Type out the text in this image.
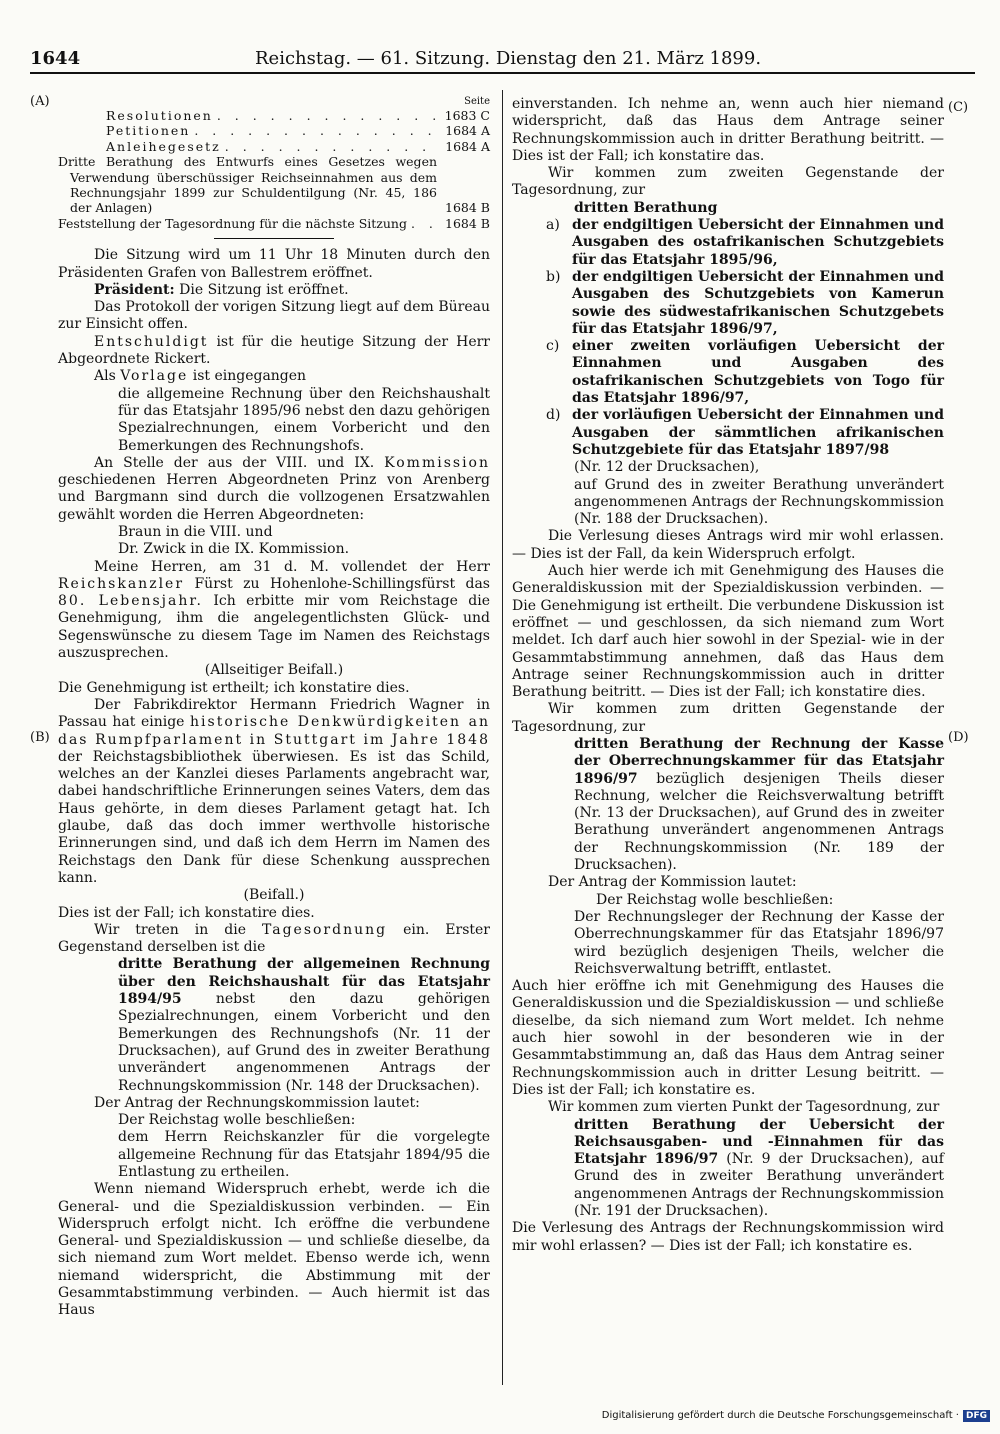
1644	Reichstag. — 61. Sitzung. Dienstag den 21. März 1899.
(A)
(B)
(C)
(D)
Seite
Resolutionen . . .	1683 C
Petitionen . . .	1684 A
Anleihegesetz . . .	1684 A
Dritte Berathung des Entwurfs eines Gesetzes wegen Verwendung überschüssiger Reichseinnahmen aus dem Rechnungsjahr 1899 zur Schuldentilgung (Nr. 45, 186 der Anlagen)	1684 B
Feststellung der Tagesordnung für die nächste Sitzung . . .	1684 B

Die Sitzung wird um 11 Uhr 18 Minuten durch den Präsidenten Grafen von Ballestrem eröffnet.

Präsident: Die Sitzung ist eröffnet.

Das Protokoll der vorigen Sitzung liegt auf dem Büreau zur Einsicht offen.

Entschuldigt ist für die heutige Sitzung der Herr Abgeordnete Rickert.

Als Vorlage ist eingegangen

die allgemeine Rechnung über den Reichshaushalt für das Etatsjahr 1895/96 nebst den dazu gehörigen Spezialrechnungen, einem Vorbericht und den Bemerkungen des Rechnungshofs.

An Stelle der aus der VIII. und IX. Kommission geschiedenen Herren Abgeordneten Prinz von Arenberg und Bargmann sind durch die vollzogenen Ersatzwahlen gewählt worden die Herren Abgeordneten:

Braun in die VIII. und

Dr. Zwick in die IX. Kommission.

Meine Herren, am 31 d. M. vollendet der Herr Reichskanzler Fürst zu Hohenlohe-Schillingsfürst das 80. Lebensjahr. Ich erbitte mir vom Reichstage die Genehmigung, ihm die angelegentlichsten Glück- und Segenswünsche zu diesem Tage im Namen des Reichstags auszusprechen.

(Allseitiger Beifall.)

Die Genehmigung ist ertheilt; ich konstatire dies.

Der Fabrikdirektor Hermann Friedrich Wagner in Passau hat einige historische Denkwürdigkeiten an das Rumpfparlament in Stuttgart im Jahre 1848 der Reichstagsbibliothek überwiesen. Es ist das Schild, welches an der Kanzlei dieses Parlaments angebracht war, dabei handschriftliche Erinnerungen seines Vaters, dem das Haus gehörte, in dem dieses Parlament getagt hat. Ich glaube, daß das doch immer werthvolle historische Erinnerungen sind, und daß ich dem Herrn im Namen des Reichstags den Dank für diese Schenkung aussprechen kann.

(Beifall.)

Dies ist der Fall; ich konstatire dies.

Wir treten in die Tagesordnung ein. Erster Gegenstand derselben ist die

dritte Berathung der allgemeinen Rechnung über den Reichshaushalt für das Etatsjahr 1894/95 nebst den dazu gehörigen Spezialrechnungen, einem Vorbericht und den Bemerkungen des Rechnungshofs (Nr. 11 der Drucksachen), auf Grund des in zweiter Berathung unverändert angenommenen Antrags der Rechnungskommission (Nr. 148 der Drucksachen).

Der Antrag der Rechnungskommission lautet:

Der Reichstag wolle beschließen:

dem Herrn Reichskanzler für die vorgelegte allgemeine Rechnung für das Etatsjahr 1894/95 die Entlastung zu ertheilen.

Wenn niemand Widerspruch erhebt, werde ich die General- und die Spezialdiskussion verbinden. — Ein Widerspruch erfolgt nicht. Ich eröffne die verbundene General- und Spezialdiskussion — und schließe dieselbe, da sich niemand zum Wort meldet. Ebenso werde ich, wenn niemand widerspricht, die Abstimmung mit der Gesammtabstimmung verbinden. — Auch hiermit ist das Haus

einverstanden. Ich nehme an, wenn auch hier niemand widerspricht, daß das Haus dem Antrage seiner Rechnungskommission auch in dritter Berathung beitritt. — Dies ist der Fall; ich konstatire das.

Wir kommen zum zweiten Gegenstande der Tagesordnung, zur

dritten Berathung

a) der endgiltigen Uebersicht der Einnahmen und Ausgaben des ostafrikanischen Schutzgebiets für das Etatsjahr 1895/96,
b) der endgiltigen Uebersicht der Einnahmen und Ausgaben des Schutzgebiets von Kamerun sowie des südwestafrikanischen Schutzgebets für das Etatsjahr 1896/97,
c) einer zweiten vorläufigen Uebersicht der Einnahmen und Ausgaben des ostafrikanischen Schutzgebiets von Togo für das Etatsjahr 1896/97,
d) der vorläufigen Uebersicht der Einnahmen und Ausgaben der sämmtlichen afrikanischen Schutzgebiete für das Etatsjahr 1897/98

(Nr. 12 der Drucksachen),

auf Grund des in zweiter Berathung unverändert angenommenen Antrags der Rechnungskommission (Nr. 188 der Drucksachen).

Die Verlesung dieses Antrags wird mir wohl erlassen. — Dies ist der Fall, da kein Widerspruch erfolgt.

Auch hier werde ich mit Genehmigung des Hauses die Generaldiskussion mit der Spezialdiskussion verbinden. — Die Genehmigung ist ertheilt. Die verbundene Diskussion ist eröffnet — und geschlossen, da sich niemand zum Wort meldet. Ich darf auch hier sowohl in der Spezial- wie in der Gesammtabstimmung annehmen, daß das Haus dem Antrage seiner Rechnungskommission auch in dritter Berathung beitritt. — Dies ist der Fall; ich konstatire dies.

Wir kommen zum dritten Gegenstande der Tagesordnung, zur

dritten Berathung der Rechnung der Kasse der Oberrechnungskammer für das Etatsjahr 1896/97 bezüglich desjenigen Theils dieser Rechnung, welcher die Reichsverwaltung betrifft (Nr. 13 der Drucksachen), auf Grund des in zweiter Berathung unverändert angenommenen Antrags der Rechnungskommission (Nr. 189 der Drucksachen).

Der Antrag der Kommission lautet:

Der Reichstag wolle beschließen:

Der Rechnungsleger der Rechnung der Kasse der Oberrechnungskammer für das Etatsjahr 1896/97 wird bezüglich desjenigen Theils, welcher die Reichsverwaltung betrifft, entlastet.

Auch hier eröffne ich mit Genehmigung des Hauses die Generaldiskussion und die Spezialdiskussion — und schließe dieselbe, da sich niemand zum Wort meldet. Ich nehme auch hier sowohl in der besonderen wie in der Gesammtabstimmung an, daß das Haus dem Antrag seiner Rechnungskommission auch in dritter Lesung beitritt. — Dies ist der Fall; ich konstatire es.

Wir kommen zum vierten Punkt der Tagesordnung, zur

dritten Berathung der Uebersicht der Reichsausgaben- und -Einnahmen für das Etatsjahr 1896/97 (Nr. 9 der Drucksachen), auf Grund des in zweiter Berathung unverändert angenommenen Antrags der Rechnungskommission (Nr. 191 der Drucksachen).

Die Verlesung des Antrags der Rechnungskommission wird mir wohl erlassen? — Dies ist der Fall; ich konstatire es.

Digitalisierung gefördert durch die Deutsche Forschungsgemeinschaft · DFG
